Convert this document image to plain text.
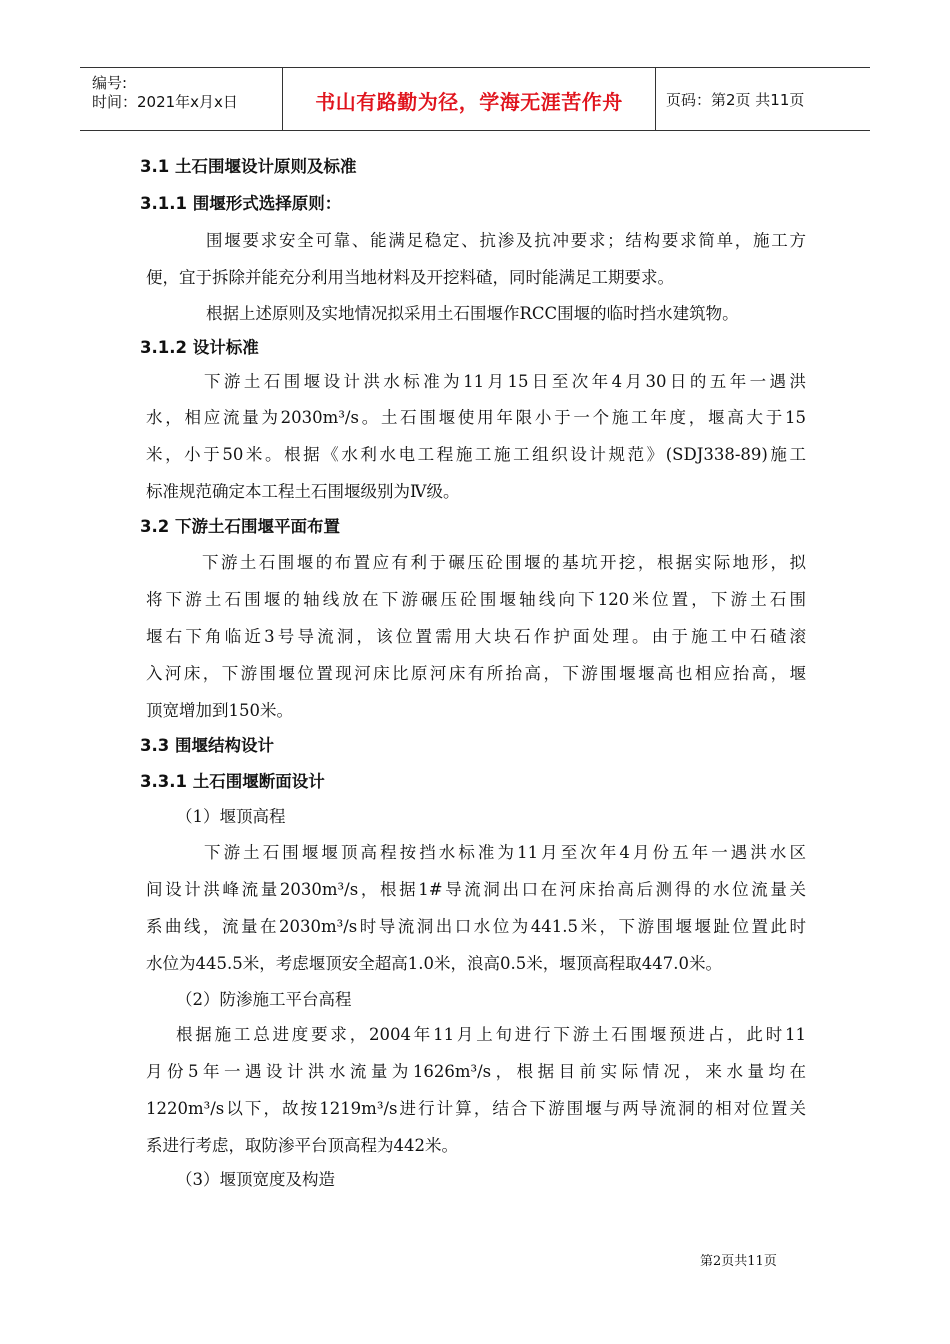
编号:
时间：2021年x月x日	书山有路勤为径，学海无涯苦作舟	页码：第2页 共11页
3.1 土石围堰设计原则及标准
3.1.1 围堰形式选择原则：
围堰要求安全可靠、能满足稳定、抗渗及抗冲要求；结构要求简单，施工方
便，宜于拆除并能充分利用当地材料及开挖料碴，同时能满足工期要求。
根据上述原则及实地情况拟采用土石围堰作RCC围堰的临时挡水建筑物。
3.1.2 设计标准
下游土石围堰设计洪水标准为11月15日至次年4月30日的五年一遇洪
水，相应流量为2030m³/s。土石围堰使用年限小于一个施工年度，堰高大于15
米，小于50米。根据《水利水电工程施工施工组织设计规范》(SDJ338-89)施工
标准规范确定本工程土石围堰级别为Ⅳ级。
3.2 下游土石围堰平面布置
下游土石围堰的布置应有利于碾压砼围堰的基坑开挖，根据实际地形，拟
将下游土石围堰的轴线放在下游碾压砼围堰轴线向下120米位置，下游土石围
堰右下角临近3号导流洞，该位置需用大块石作护面处理。由于施工中石碴滚
入河床，下游围堰位置现河床比原河床有所抬高，下游围堰堰高也相应抬高，堰
顶宽增加到150米。
3.3 围堰结构设计
3.3.1 土石围堰断面设计
（1）堰顶高程
下游土石围堰堰顶高程按挡水标准为11月至次年4月份五年一遇洪水区
间设计洪峰流量2030m³/s，根据1#导流洞出口在河床抬高后测得的水位流量关
系曲线，流量在2030m³/s时导流洞出口水位为441.5米，下游围堰堰趾位置此时
水位为445.5米，考虑堰顶安全超高1.0米，浪高0.5米，堰顶高程取447.0米。
（2）防渗施工平台高程
根据施工总进度要求，2004年11月上旬进行下游土石围堰预进占，此时11
月份5年一遇设计洪水流量为1626m³/s，根据目前实际情况，来水量均在
1220m³/s以下，故按1219m³/s进行计算，结合下游围堰与两导流洞的相对位置关
系进行考虑，取防渗平台顶高程为442米。
（3）堰顶宽度及构造
第2页共11页
